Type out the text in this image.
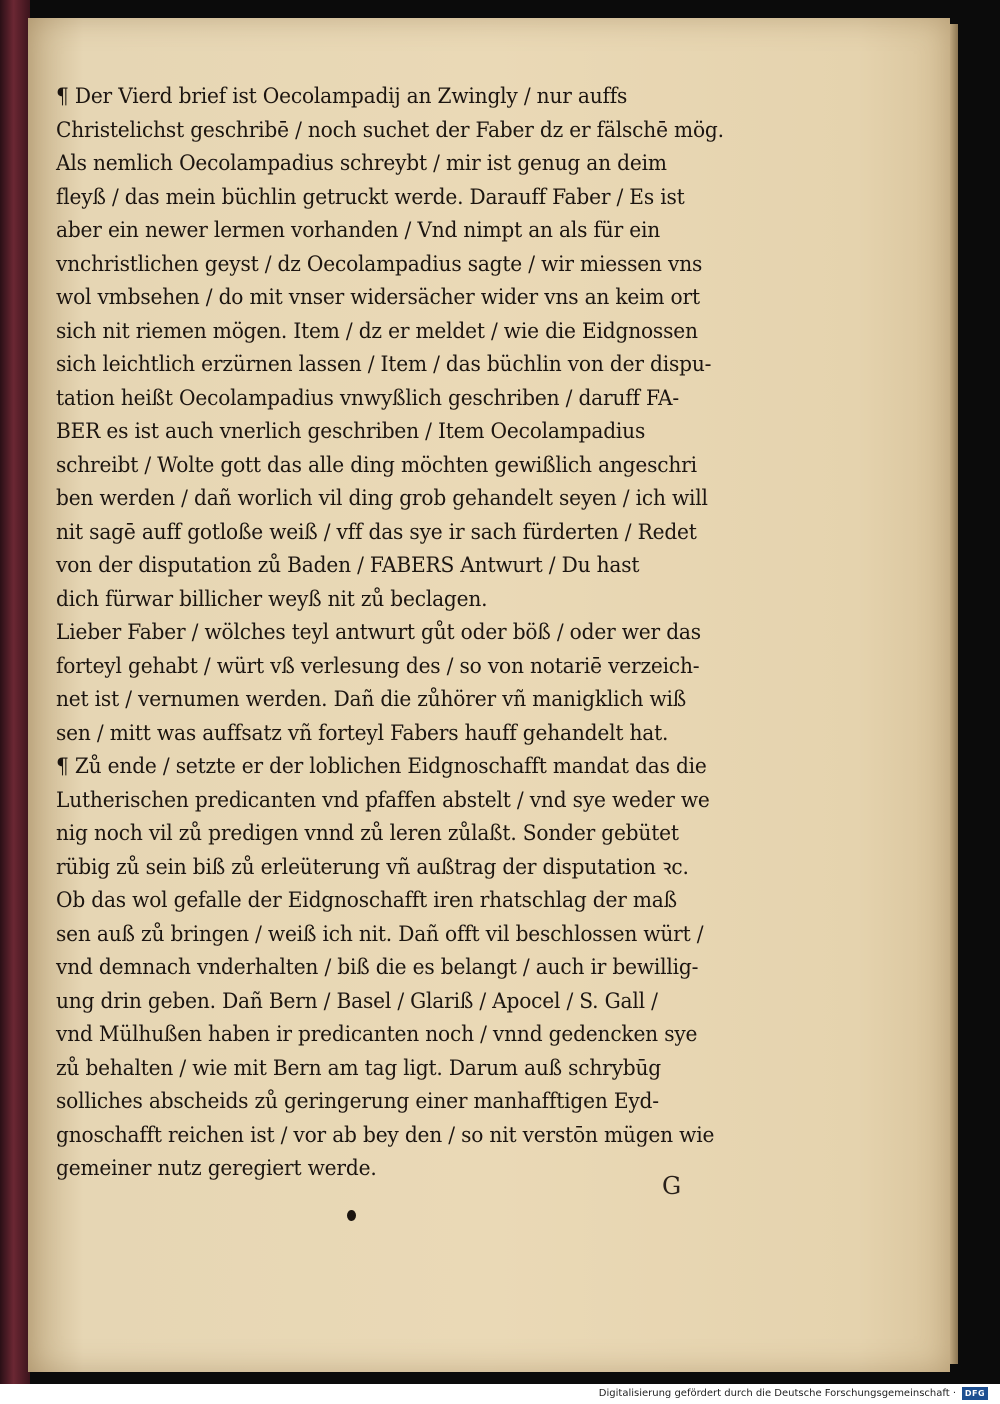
¶ Der Vierd brief ist Oecolampadij an Zwingly / nur auffs
Christelichst geschribē / noch suchet der Faber dz er fälschē mög.
Als nemlich Oecolampadius schreybt / mir ist genug an deim
fleyß / das mein büchlin getruckt werde. Darauff Faber / Es ist
aber ein newer lermen vorhanden / Vnd nimpt an als für ein
vnchristlichen geyst / dz Oecolampadius sagte / wir miessen vns
wol vmbsehen / do mit vnser widersächer wider vns an keim ort
sich nit riemen mögen. Item / dz er meldet / wie die Eidgnossen
sich leichtlich erzürnen lassen / Item / das büchlin von der dispu-
tation heißt Oecolampadius vnwyßlich geschriben / daruff FA-
BER es ist auch vnerlich geschriben / Item Oecolampadius
schreibt / Wolte gott das alle ding möchten gewißlich angeschri
ben werden / dañ worlich vil ding grob gehandelt seyen / ich will
nit sagē auff gotloße weiß / vff das sye ir sach fürderten / Redet
von der disputation zů Baden / FABERS Antwurt / Du hast
dich fürwar billicher weyß nit zů beclagen.
Lieber Faber / wölches teyl antwurt gůt oder böß / oder wer das
forteyl gehabt / würt vß verlesung des / so von notariē verzeich-
net ist / vernumen werden. Dañ die zůhörer vñ manigklich wiß
sen / mitt was auffsatz vñ forteyl Fabers hauff gehandelt hat.
¶ Zů ende / setzte er der loblichen Eidgnoschafft mandat das die
Lutherischen predicanten vnd pfaffen abstelt / vnd sye weder we
nig noch vil zů predigen vnnd zů leren zůlaßt. Sonder gebütet
rübig zů sein biß zů erleüterung vñ außtrag der disputation ꝛc.
Ob das wol gefalle der Eidgnoschafft iren rhatschlag der maß
sen auß zů bringen / weiß ich nit. Dañ offt vil beschlossen würt /
vnd demnach vnderhalten / biß die es belangt / auch ir bewillig-
ung drin geben. Dañ Bern / Basel / Glariß / Apocel / S. Gall /
vnd Mülhußen haben ir predicanten noch / vnnd gedencken sye
zů behalten / wie mit Bern am tag ligt. Darum auß schrybūg
solliches abscheids zů geringerung einer manhafftigen Eyd-
gnoschafft reichen ist / vor ab bey den / so nit verstōn mügen wie
gemeiner nutz geregiert werde.
G
Digitalisierung gefördert durch die Deutsche Forschungsgemeinschaft ·	DFG
